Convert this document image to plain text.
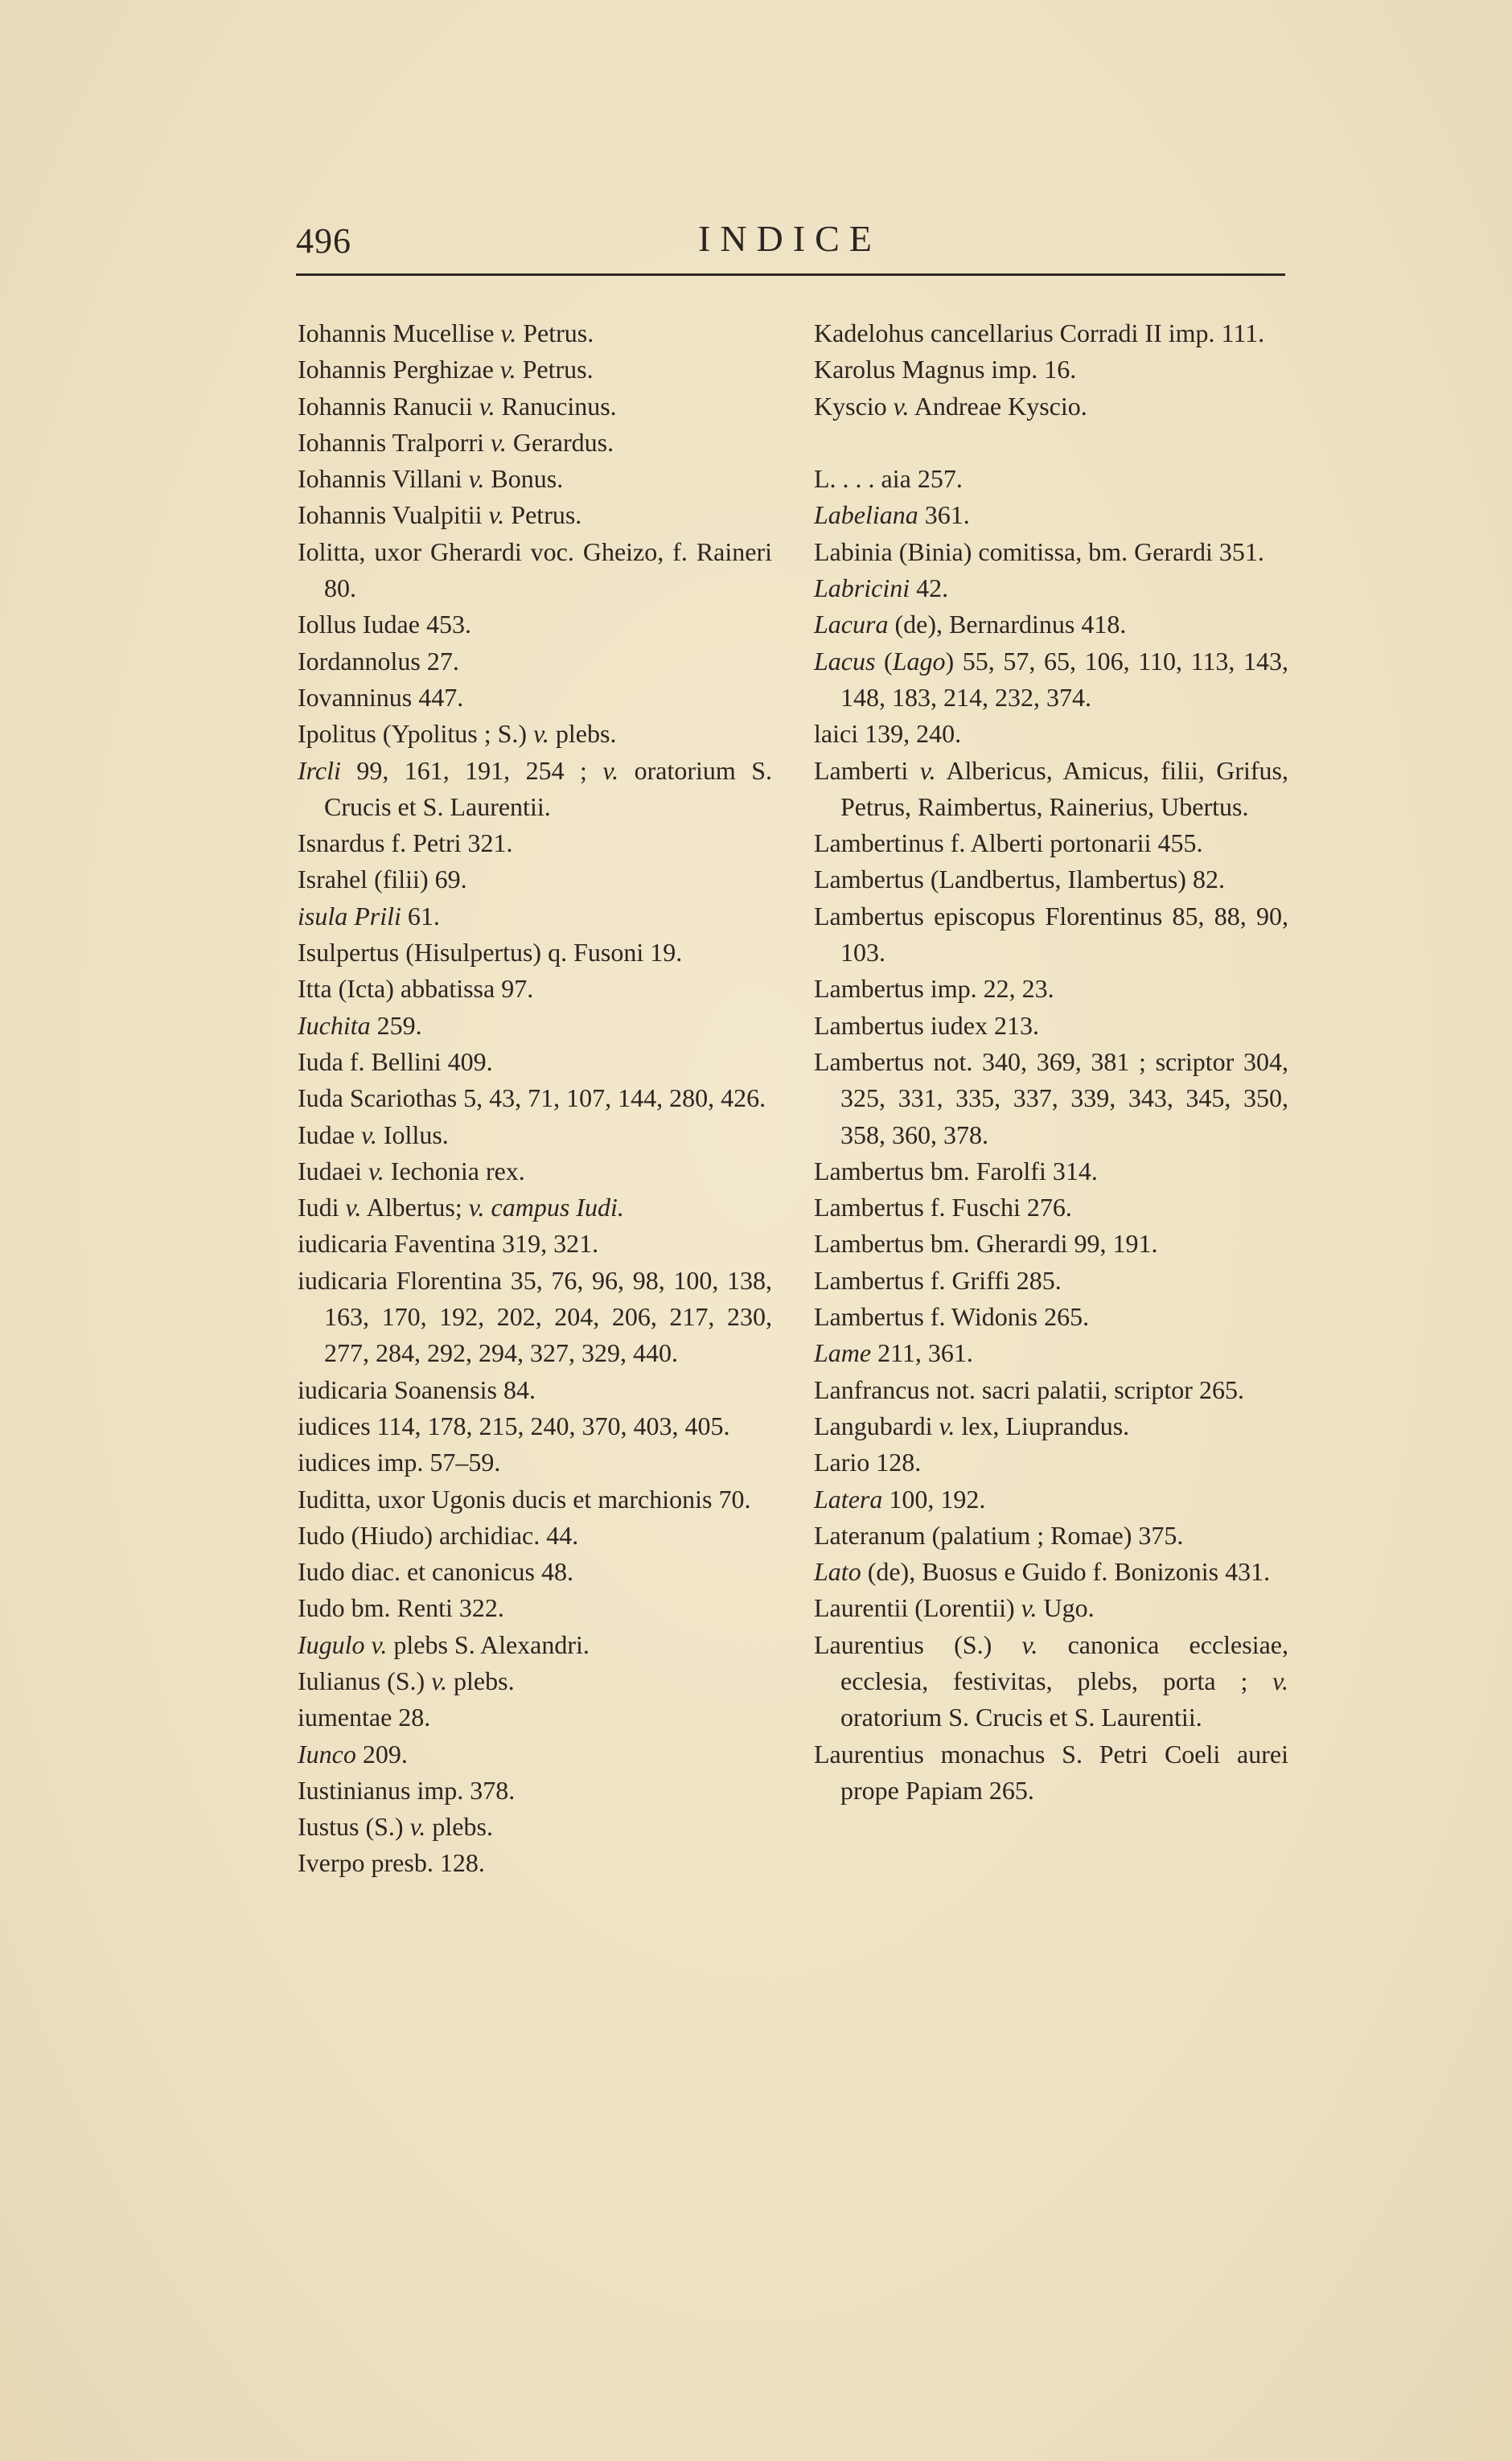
496	INDICE
Iohannis Mucellise v. Petrus.
Iohannis Perghizae v. Petrus.
Iohannis Ranucii v. Ranucinus.
Iohannis Tralporri v. Gerardus.
Iohannis Villani v. Bonus.
Iohannis Vualpitii v. Petrus.
Iolitta, uxor Gherardi voc. Gheizo, f. Raineri 80.
Iollus Iudae 453.
Iordannolus 27.
Iovanninus 447.
Ipolitus (Ypolitus ; S.) v. plebs.
Ircli 99, 161, 191, 254 ; v. oratorium S. Crucis et S. Laurentii.
Isnardus f. Petri 321.
Israhel (filii) 69.
isula Prili 61.
Isulpertus (Hisulpertus) q. Fusoni 19.
Itta (Icta) abbatissa 97.
Iuchita 259.
Iuda f. Bellini 409.
Iuda Scariothas 5, 43, 71, 107, 144, 280, 426.
Iudae v. Iollus.
Iudaei v. Iechonia rex.
Iudi v. Albertus; v. campus Iudi.
iudicaria Faventina 319, 321.
iudicaria Florentina 35, 76, 96, 98, 100, 138, 163, 170, 192, 202, 204, 206, 217, 230, 277, 284, 292, 294, 327, 329, 440.
iudicaria Soanensis 84.
iudices 114, 178, 215, 240, 370, 403, 405.
iudices imp. 57–59.
Iuditta, uxor Ugonis ducis et marchionis 70.
Iudo (Hiudo) archidiac. 44.
Iudo diac. et canonicus 48.
Iudo bm. Renti 322.
Iugulo v. plebs S. Alexandri.
Iulianus (S.) v. plebs.
iumentae 28.
Iunco 209.
Iustinianus imp. 378.
Iustus (S.) v. plebs.
Iverpo presb. 128.
Kadelohus cancellarius Corradi II imp. 111.
Karolus Magnus imp. 16.
Kyscio v. Andreae Kyscio.
L. . . . aia 257.
Labeliana 361.
Labinia (Binia) comitissa, bm. Gerardi 351.
Labricini 42.
Lacura (de), Bernardinus 418.
Lacus (Lago) 55, 57, 65, 106, 110, 113, 143, 148, 183, 214, 232, 374.
laici 139, 240.
Lamberti v. Albericus, Amicus, filii, Grifus, Petrus, Raimbertus, Rainerius, Ubertus.
Lambertinus f. Alberti portonarii 455.
Lambertus (Landbertus, Ilambertus) 82.
Lambertus episcopus Florentinus 85, 88, 90, 103.
Lambertus imp. 22, 23.
Lambertus iudex 213.
Lambertus not. 340, 369, 381 ; scriptor 304, 325, 331, 335, 337, 339, 343, 345, 350, 358, 360, 378.
Lambertus bm. Farolfi 314.
Lambertus f. Fuschi 276.
Lambertus bm. Gherardi 99, 191.
Lambertus f. Griffi 285.
Lambertus f. Widonis 265.
Lame 211, 361.
Lanfrancus not. sacri palatii, scriptor 265.
Langubardi v. lex, Liuprandus.
Lario 128.
Latera 100, 192.
Lateranum (palatium ; Romae) 375.
Lato (de), Buosus e Guido f. Bonizonis 431.
Laurentii (Lorentii) v. Ugo.
Laurentius (S.) v. canonica ecclesiae, ecclesia, festivitas, plebs, porta ; v. oratorium S. Crucis et S. Laurentii.
Laurentius monachus S. Petri Coeli aurei prope Papiam 265.
